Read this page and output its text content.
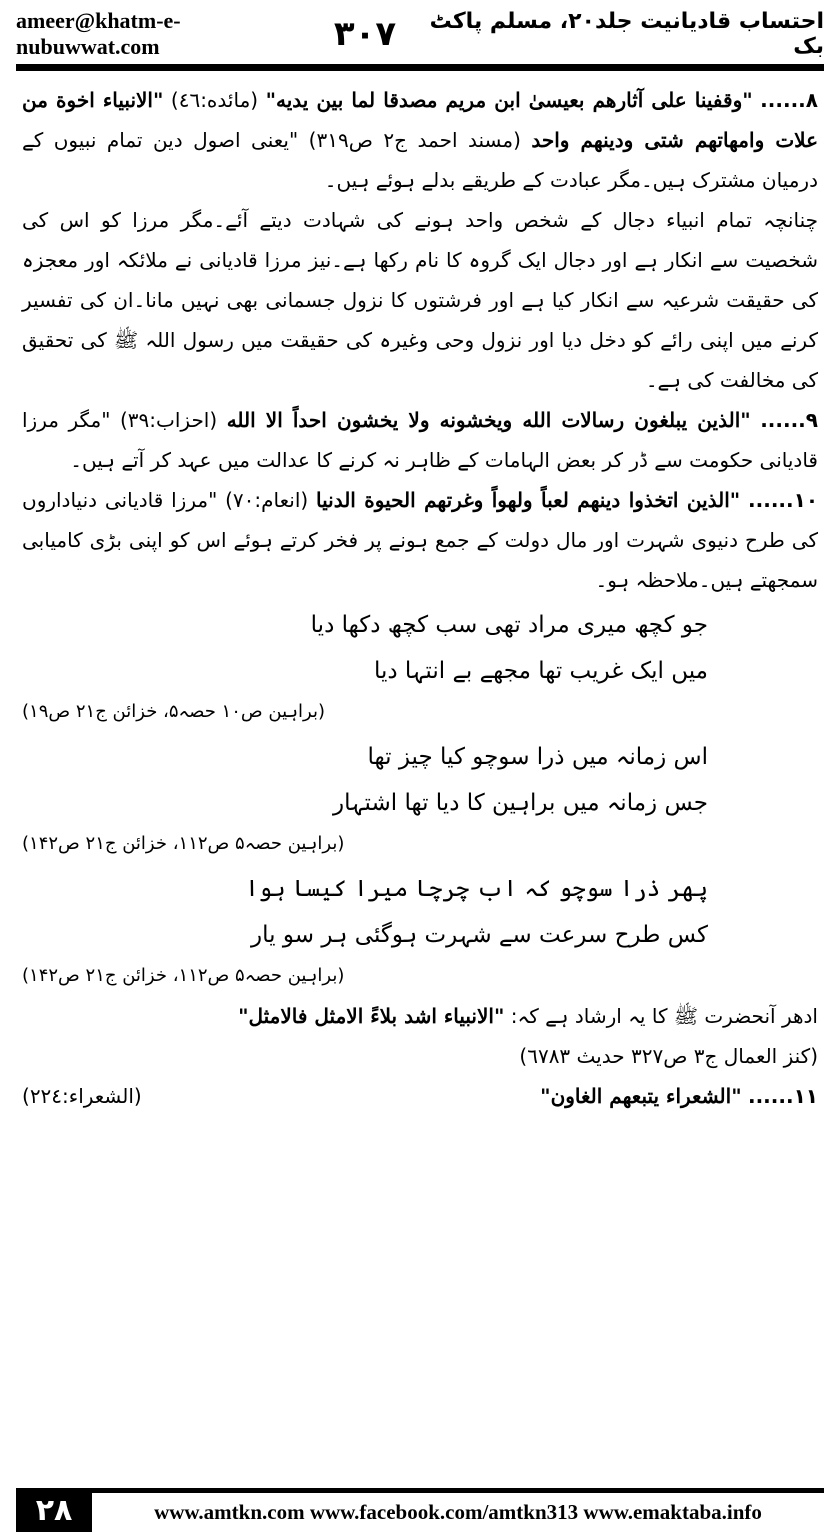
ameer@khatm-e-nubuwwat.com	۳۰۷	احتساب قادیانیت جلد۲۰، مسلم پاکٹ بک

۸...... "وقفينا على آثارهم بعيسىٰ ابن مريم مصدقا لما بين يديه" (مائده:٤٦) "الانبياء اخوة من علات وامهاتهم شتى ودينهم واحد (مسند احمد ج٢ ص٣١٩) "یعنی اصول دین تمام نبیوں کے درمیان مشترک ہیں۔مگر عبادت کے طریقے بدلے ہوئے ہیں۔

چنانچہ تمام انبیاء دجال کے شخص واحد ہونے کی شہادت دیتے آئے۔مگر مرزا کو اس کی شخصیت سے انکار ہے اور دجال ایک گروہ کا نام رکھا ہے۔نیز مرزا قادیانی نے ملائکہ اور معجزہ کی حقیقت شرعیہ سے انکار کیا ہے اور فرشتوں کا نزول جسمانی بھی نہیں مانا۔ان کی تفسیر کرنے میں اپنی رائے کو دخل دیا اور نزول وحی وغیرہ کی حقیقت میں رسول اللہ ﷺ کی تحقیق کی مخالفت کی ہے۔

۹...... "الذين يبلغون رسالات الله ويخشونه ولا يخشون احداً الا الله (احزاب:٣٩) "مگر مرزا قادیانی حکومت سے ڈر کر بعض الہامات کے ظاہر نہ کرنے کا عدالت میں عہد کر آتے ہیں۔

۱۰...... "الذين اتخذوا دينهم لعباً ولهواً وغرتهم الحيوة الدنيا (انعام:٧٠) "مرزا قادیانی دنیاداروں کی طرح دنیوی شہرت اور مال دولت کے جمع ہونے پر فخر کرتے ہوئے اس کو اپنی بڑی کامیابی سمجھتے ہیں۔ملاحظہ ہو۔

جو کچھ میری مراد تھی سب کچھ دکھا دیا
میں ایک غریب تھا مجھے بے انتہا دیا
(براہین ص۱۰ حصہ۵، خزائن ج۲۱ ص۱۹)
اس زمانہ میں ذرا سوچو کیا چیز تھا
جس زمانہ میں براہین کا دیا تھا اشتہار
(براہین حصہ۵ ص۱۱۲، خزائن ج۲۱ ص۱۴۲)
پھر ذرا سوچو کہ اب چرچا میرا کیسا ہوا
کس طرح سرعت سے شہرت ہوگئی ہر سو یار
(براہین حصہ۵ ص۱۱۲، خزائن ج۲۱ ص۱۴۲)

ادھر آنحضرت ﷺ کا یہ ارشاد ہے کہ: "الانبياء اشد بلاءً الامثل فالامثل"

(كنز العمال ج٣ ص٣٢٧ حديث ٦٧٨٣)

۱۱...... "الشعراء يتبعهم الغاون"
(الشعراء:٢٢٤)
۲۸	www.amtkn.com www.facebook.com/amtkn313 www.emaktaba.info
